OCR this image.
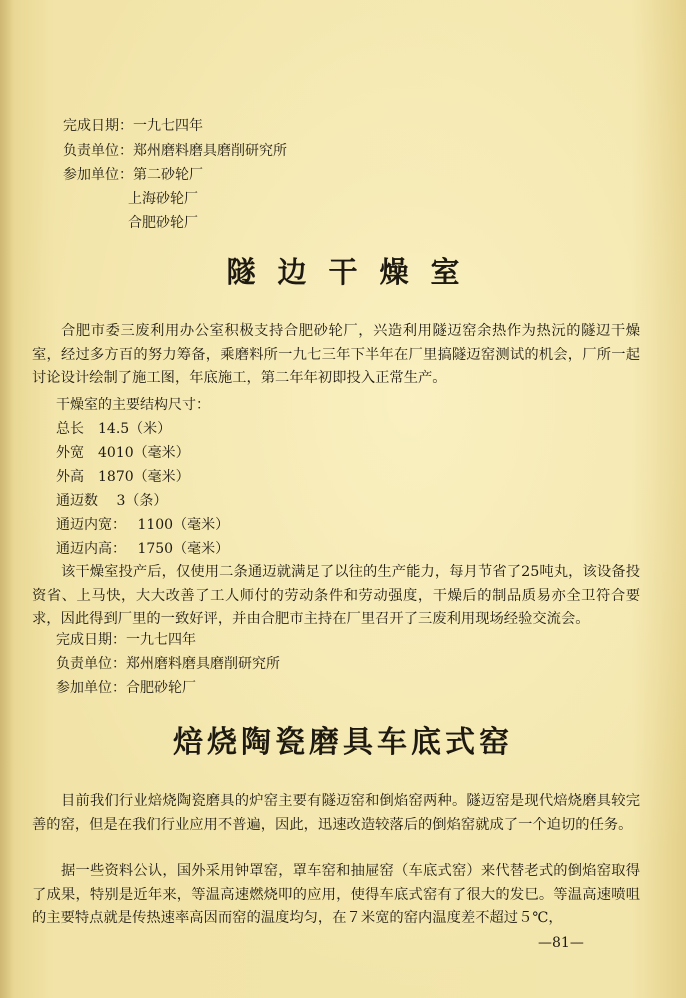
完成日期：一九七四年
负责单位：郑州磨料磨具磨削研究所
参加单位：第二砂轮厂
上海砂轮厂
合肥砂轮厂
隧边干燥室
合肥市委三废利用办公室积极支持合肥砂轮厂，兴造利用隧迈窑余热作为热沅的隧辺干燥室，经过多方百的努力筹备，乘磨料所一九七三年下半年在厂里搞隧迈窑测试的机会，厂所一起讨论设计绘制了施工图，年底施工，第二年年初即投入正常生产。
干燥室的主要结构尺寸：
总长　14.5（米）
外宽　4010（毫米）
外高　1870（毫米）
通迈数　 3（条）
通迈内宽：　 1100（毫米）
通迈内高：　 1750（毫米）
该干燥室投产后，仅使用二条通迈就满足了以往的生产能力，每月节省了25吨丸，该设备投资省、上马快，大大改善了工人师付的劳动条件和劳动强度，干燥后的制品质易亦全卫符合要求，因此得到厂里的一致好评，并由合肥市主持在厂里召开了三废利用现场经验交流会。
完成日期：一九七四年
负责单位：郑州磨料磨具磨削研究所
参加单位：合肥砂轮厂
焙烧陶瓷磨具车底式窑
目前我们行业焙烧陶瓷磨具的炉窑主要有隧迈窑和倒焰窑两种。隧迈窑是现代焙烧磨具较完善的窑，但是在我们行业应用不普遍，因此，迅速改造较落后的倒焰窑就成了一个迫切的任务。
据一些资料公认，国外采用钟罩窑，罩车窑和抽屉窑（车底式窑）来代替老式的倒焰窑取得了成果，特别是近年来，等温高速燃烧叩的应用，使得车底式窑有了很大的发巳。等温高速喷咀的主要特点就是传热速率高因而窑的温度均匀，在７米宽的窑内温度差不超过５℃，
—81—
